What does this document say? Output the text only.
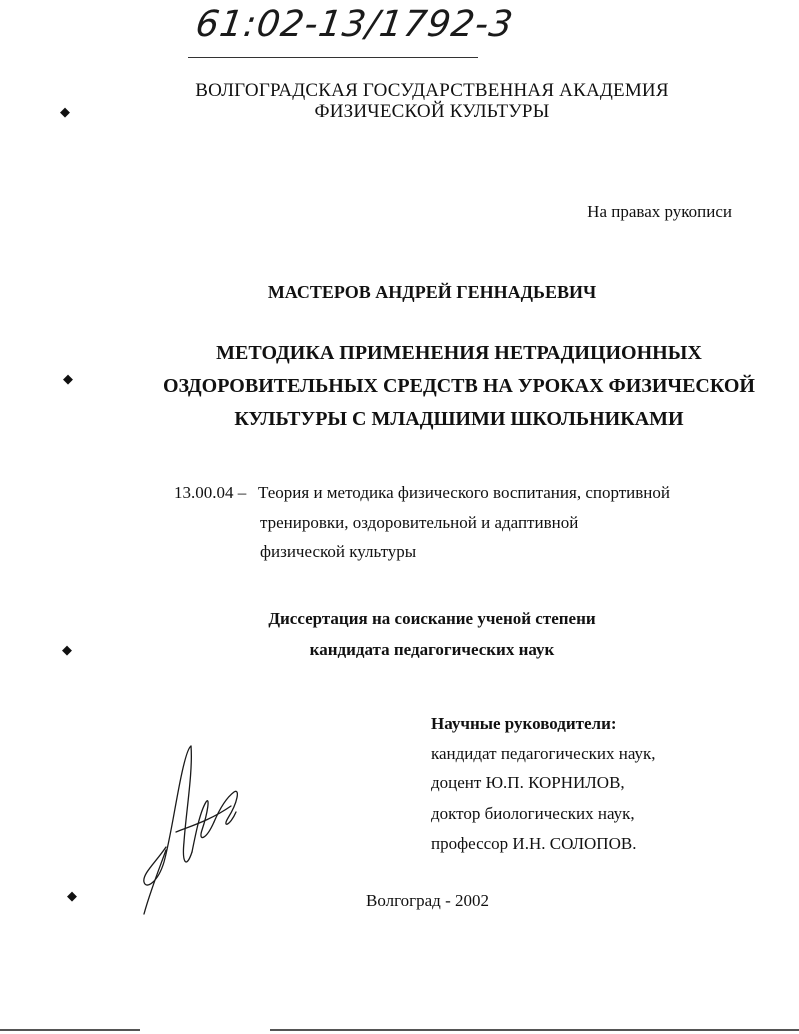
61:02-13/1792-3
ВОЛГОГРАДСКАЯ ГОСУДАРСТВЕННАЯ АКАДЕМИЯ
ФИЗИЧЕСКОЙ КУЛЬТУРЫ
На правах рукописи
МАСТЕРОВ АНДРЕЙ ГЕННАДЬЕВИЧ
МЕТОДИКА ПРИМЕНЕНИЯ НЕТРАДИЦИОННЫХ
ОЗДОРОВИТЕЛЬНЫХ СРЕДСТВ НА УРОКАХ ФИЗИЧЕСКОЙ
КУЛЬТУРЫ С МЛАДШИМИ ШКОЛЬНИКАМИ
13.00.04 – Теория и методика физического воспитания, спортивной
тренировки, оздоровительной и адаптивной
физической культуры
Диссертация на соискание ученой степени
кандидата педагогических наук
Научные руководители:
кандидат педагогических наук,
доцент Ю.П. КОРНИЛОВ,
доктор биологических наук,
профессор И.Н. СОЛОПОВ.
Волгоград - 2002
◆
◆
◆
◆
